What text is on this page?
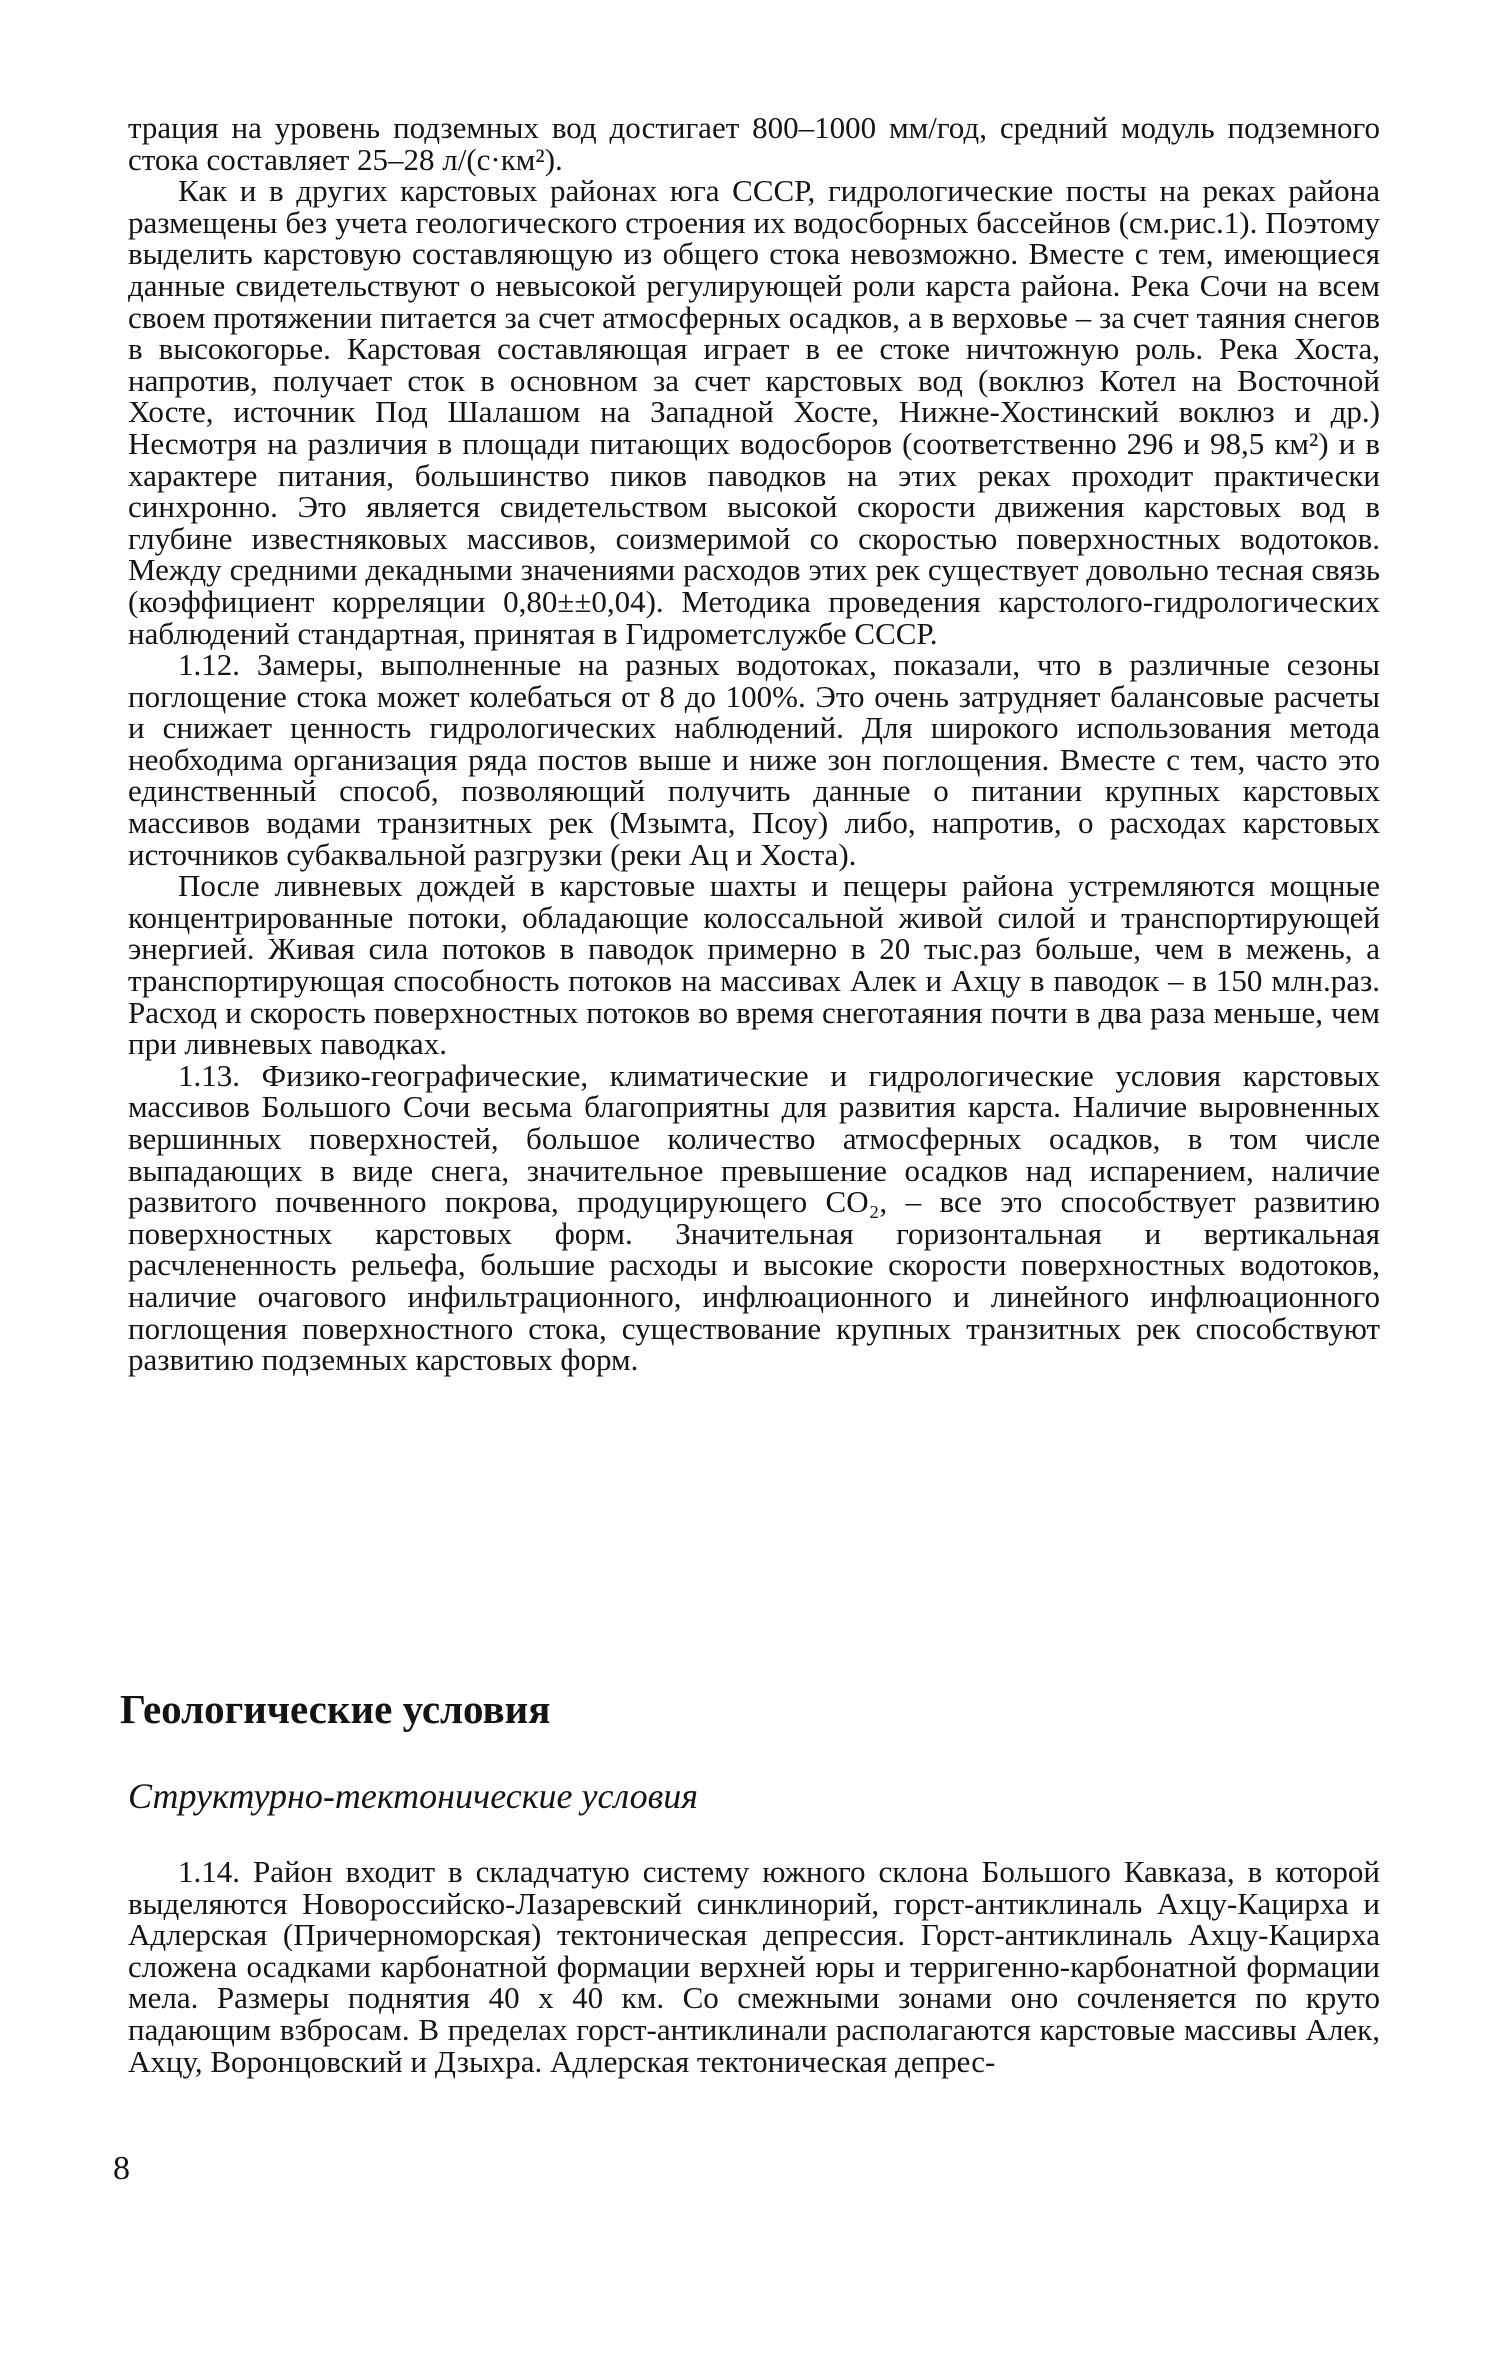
трация на уровень подземных вод достигает 800–1000 мм/год, средний модуль подземного стока составляет 25–28 л/(с·км²).

Как и в других карстовых районах юга СССР, гидрологические посты на реках района размещены без учета геологического строения их водосборных бассейнов (см.рис.1). Поэтому выделить карстовую составляющую из общего стока невозможно. Вместе с тем, имеющиеся данные свидетельствуют о невысокой регулирующей роли карста района. Река Сочи на всем своем протяжении питается за счет атмосферных осадков, а в верховье – за счет таяния снегов в высокогорье. Карстовая составляющая играет в ее стоке ничтожную роль. Река Хоста, напротив, получает сток в основном за счет карстовых вод (воклюз Котел на Восточной Хосте, источник Под Шалашом на Западной Хосте, Нижне-Хостинский воклюз и др.) Несмотря на различия в площади питающих водосборов (соответственно 296 и 98,5 км²) и в характере питания, большинство пиков паводков на этих реках проходит практически синхронно. Это является свидетельством высокой скорости движения карстовых вод в глубине известняковых массивов, соизмеримой со скоростью поверхностных водотоков. Между средними декадными значениями расходов этих рек существует довольно тесная связь (коэффициент корреляции 0,80±±0,04). Методика проведения карстолого-гидрологических наблюдений стандартная, принятая в Гидрометслужбе СССР.

1.12. Замеры, выполненные на разных водотоках, показали, что в различные сезоны поглощение стока может колебаться от 8 до 100%. Это очень затрудняет балансовые расчеты и снижает ценность гидрологических наблюдений. Для широкого использования метода необходима организация ряда постов выше и ниже зон поглощения. Вместе с тем, часто это единственный способ, позволяющий получить данные о питании крупных карстовых массивов водами транзитных рек (Мзымта, Псоу) либо, напротив, о расходах карстовых источников субаквальной разгрузки (реки Ац и Хоста).

После ливневых дождей в карстовые шахты и пещеры района устремляются мощные концентрированные потоки, обладающие колоссальной живой силой и транспортирующей энергией. Живая сила потоков в паводок примерно в 20 тыс.раз больше, чем в межень, а транспортирующая способность потоков на массивах Алек и Ахцу в паводок – в 150 млн.раз. Расход и скорость поверхностных потоков во время снеготаяния почти в два раза меньше, чем при ливневых паводках.

1.13. Физико-географические, климатические и гидрологические условия карстовых массивов Большого Сочи весьма благоприятны для развития карста. Наличие выровненных вершинных поверхностей, большое количество атмосферных осадков, в том числе выпадающих в виде снега, значительное превышение осадков над испарением, наличие развитого почвенного покрова, продуцирующего CO₂, – все это способствует развитию поверхностных карстовых форм. Значительная горизонтальная и вертикальная расчлененность рельефа, большие расходы и высокие скорости поверхностных водотоков, наличие очагового инфильтрационного, инфлюационного и линейного инфлюационного поглощения поверхностного стока, существование крупных транзитных рек способствуют развитию подземных карстовых форм.

Геологические условия
Структурно-тектонические условия

1.14. Район входит в складчатую систему южного склона Большого Кавказа, в которой выделяются Новороссийско-Лазаревский синклинорий, горст-антиклиналь Ахцу-Кацирха и Адлерская (Причерноморская) тектоническая депрессия. Горст-антиклиналь Ахцу-Кацирха сложена осадками карбонатной формации верхней юры и терригенно-карбонатной формации мела. Размеры поднятия 40 х 40 км. Со смежными зонами оно сочленяется по круто падающим взбросам. В пределах горст-антиклинали располагаются карстовые массивы Алек, Ахцу, Воронцовский и Дзыхра. Адлерская тектоническая депрес-

8
